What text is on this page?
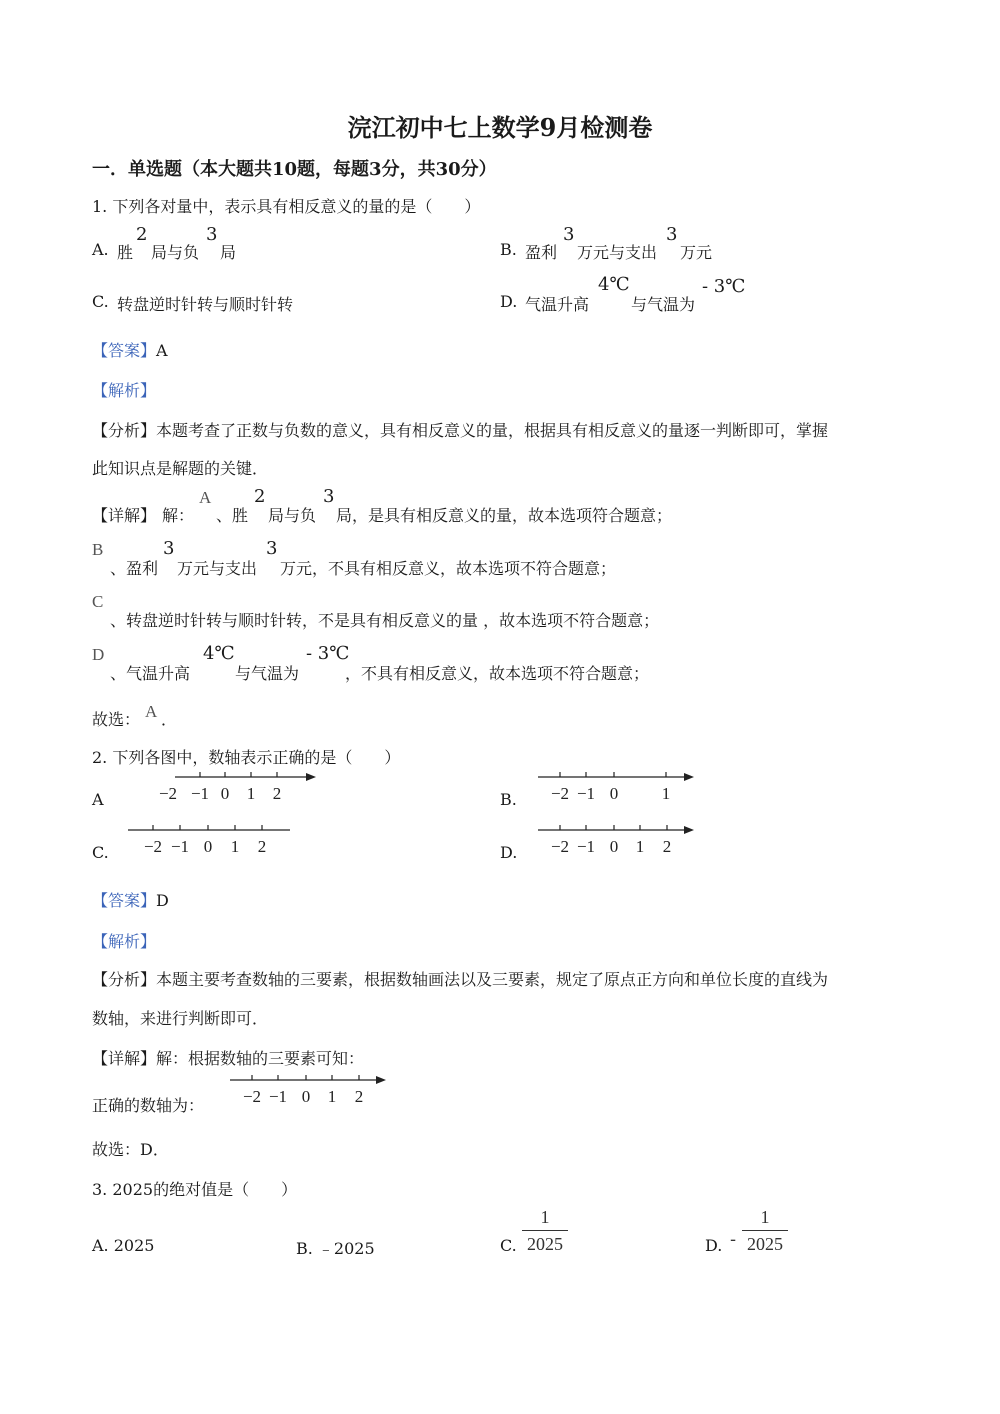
浣江初中七上数学9月检测卷
一．单选题（本大题共10题，每题3分，共30分）
1. 下列各对量中，表示具有相反意义的量的是（　　）
A. 胜
2
局与负
3
局	B. 盈利
3
万元与支出
3
万元
C. 转盘逆时针转与顺时针转	D. 气温升高
4℃
与气温为
- 3℃
【答案】A
【解析】
【分析】本题考查了正数与负数的意义，具有相反意义的量，根据具有相反意义的量逐一判断即可，掌握
此知识点是解题的关键．
【详解】 解：
A
、胜
2
局与负
3
局，是具有相反意义的量，故本选项符合题意；
B
、盈利
3
万元与支出
3
万元，不具有相反意义，故本选项不符合题意；
C
、转盘逆时针转与顺时针转，不是具有相反意义的量 ，故本选项不符合题意；
D
、气温升高
4℃
与气温为
- 3℃
，不具有相反意义，故本选项不符合题意；
故选： A ．
2. 下列各图中，数轴表示正确的是（　　）
A	−2 −1 0 1 2	B. −2 −1 0	1
C. −2 −1 0 1 2	D. −2 −1 0 1 2
【答案】D
【解析】
【分析】本题主要考查数轴的三要素，根据数轴画法以及三要素，规定了原点正方向和单位长度的直线为
数轴，来进行判断即可．
【详解】解：根据数轴的三要素可知：
正确的数轴为： −2 −1 0 1 2
故选：D．
3. 2025的绝对值是（　　）
A. 2025	B. ﹣2025	C.
1
2025	D. -
1
2025
